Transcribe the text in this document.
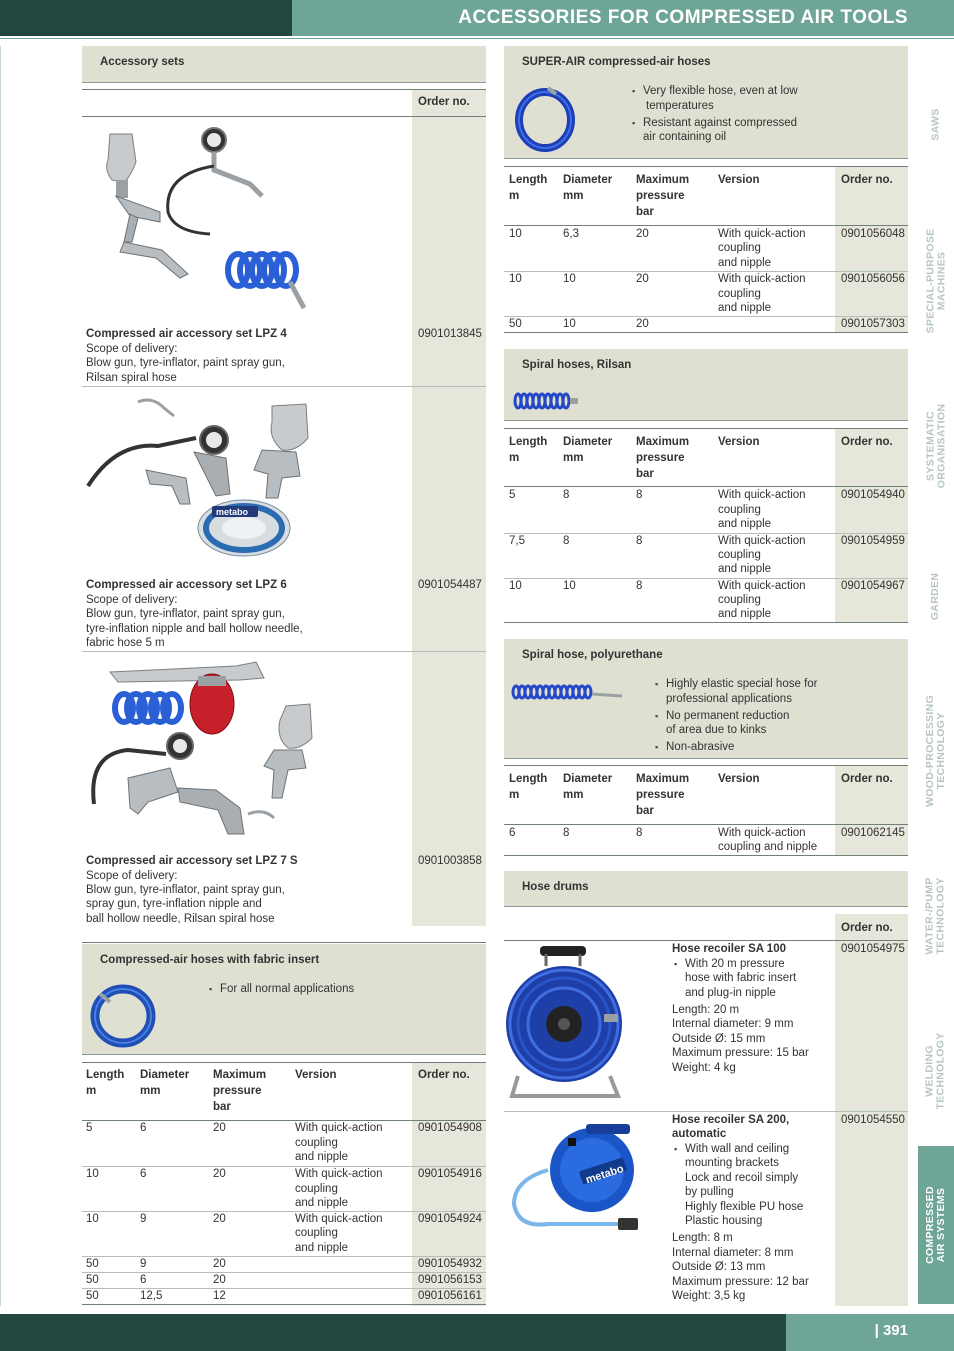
ACCESSORIES FOR COMPRESSED AIR TOOLS
SAWS
SPECIAL-PURPOSE
MACHINES
SYSTEMATIC
ORGANISATION
GARDEN
WOOD-PROCESSING
TECHNOLOGY
WATER-/PUMP
TECHNOLOGY
WELDING
TECHNOLOGY
COMPRESSED
AIR SYSTEMS
Accessory sets
Order no.
Compressed air accessory set LPZ 4
Scope of delivery:
Blow gun, tyre-inflator, paint spray gun,
Rilsan spiral hose
0901013845
metabo
Compressed air accessory set LPZ 6
Scope of delivery:
Blow gun, tyre-inflator, paint spray gun,
tyre-inflation nipple and ball hollow needle,
fabric hose 5 m
0901054487
Compressed air accessory set LPZ 7 S
Scope of delivery:
Blow gun, tyre-inflator, paint spray gun,
spray gun, tyre-inflation nipple and
ball hollow needle, Rilsan spiral hose
0901003858
Compressed-air hoses with fabric insert
▪ For all normal applications
Length
m
Diameter
mm
Maximum
pressure
bar
Version	Order no.
5	6	20	With quick-action
coupling
and nipple
0901054908
10	6	20	With quick-action
coupling
and nipple
0901054916
10	9	20	With quick-action
coupling
and nipple
0901054924
50	9	20	0901054932
50	6	20	0901056153
50	12,5	12	0901056161
SUPER-AIR compressed-air hoses
▪ Very flexible hose, even at low
temperatures
▪ Resistant against compressed
air containing oil
Length
m
Diameter
mm
Maximum
pressure
bar
Version	Order no.
10	6,3	20	With quick-action
coupling
and nipple
0901056048
10	10	20	With quick-action
coupling
and nipple
0901056056
50	10	20	0901057303
Spiral hoses, Rilsan
Length
m
Diameter
mm
Maximum
pressure
bar
Version	Order no.
5	8	8	With quick-action
coupling
and nipple
0901054940
7,5	8	8	With quick-action
coupling
and nipple
0901054959
10	10	8	With quick-action
coupling
and nipple
0901054967
Spiral hose, polyurethane
▪ Highly elastic special hose for
professional applications
▪ No permanent reduction
of area due to kinks
▪ Non-abrasive
Length
m
Diameter
mm
Maximum
pressure
bar
Version	Order no.
6	8	8	With quick-action
coupling and nipple
0901062145
Hose drums
Order no.
Hose recoiler SA 100
▪ With 20 m pressure
hose with fabric insert
and plug-in nipple
Length: 20 m
Internal diameter: 9 mm
Outside Ø: 15 mm
Maximum pressure: 15 bar
Weight: 4 kg
0901054975
metabo
Hose recoiler SA 200,
automatic
▪ With wall and ceiling
mounting brackets
Lock and recoil simply
by pulling
Highly flexible PU hose
Plastic housing
Length: 8 m
Internal diameter: 8 mm
Outside Ø: 13 mm
Maximum pressure: 12 bar
Weight: 3,5 kg
0901054550
| 391
